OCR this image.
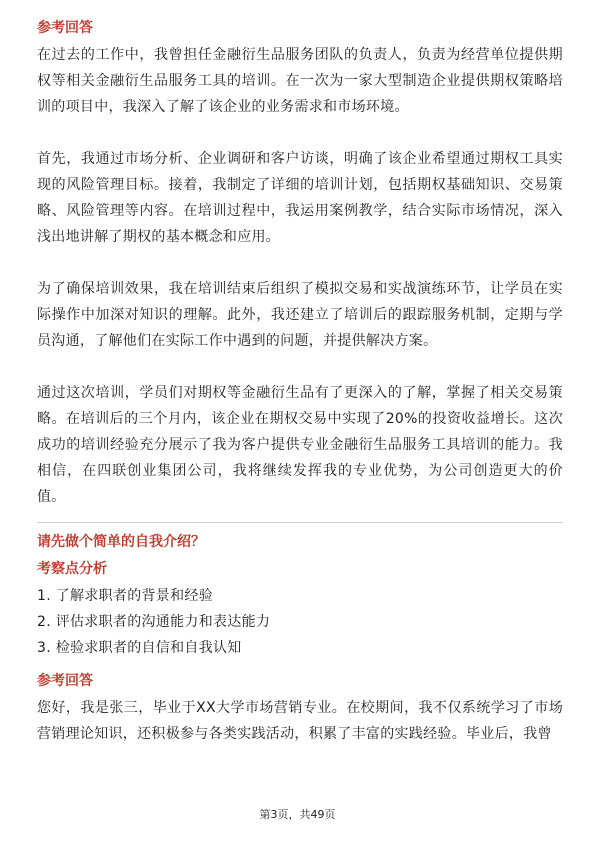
参考回答

在过去的工作中，我曾担任金融衍生品服务团队的负责人，负责为经营单位提供期权等相关金融衍生品服务工具的培训。在一次为一家大型制造企业提供期权策略培训的项目中，我深入了解了该企业的业务需求和市场环境。

首先，我通过市场分析、企业调研和客户访谈，明确了该企业希望通过期权工具实现的风险管理目标。接着，我制定了详细的培训计划，包括期权基础知识、交易策略、风险管理等内容。在培训过程中，我运用案例教学，结合实际市场情况，深入浅出地讲解了期权的基本概念和应用。

为了确保培训效果，我在培训结束后组织了模拟交易和实战演练环节，让学员在实际操作中加深对知识的理解。此外，我还建立了培训后的跟踪服务机制，定期与学员沟通，了解他们在实际工作中遇到的问题，并提供解决方案。

通过这次培训，学员们对期权等金融衍生品有了更深入的了解，掌握了相关交易策略。在培训后的三个月内，该企业在期权交易中实现了20%的投资收益增长。这次成功的培训经验充分展示了我为客户提供专业金融衍生品服务工具培训的能力。我相信，在四联创业集团公司，我将继续发挥我的专业优势，为公司创造更大的价值。

请先做个简单的自我介绍？
考察点分析

1. 了解求职者的背景和经验

2. 评估求职者的沟通能力和表达能力

3. 检验求职者的自信和自我认知

参考回答

您好，我是张三，毕业于XX大学市场营销专业。在校期间，我不仅系统学习了市场营销理论知识，还积极参与各类实践活动，积累了丰富的实践经验。毕业后，我曾

第3页，共49页
